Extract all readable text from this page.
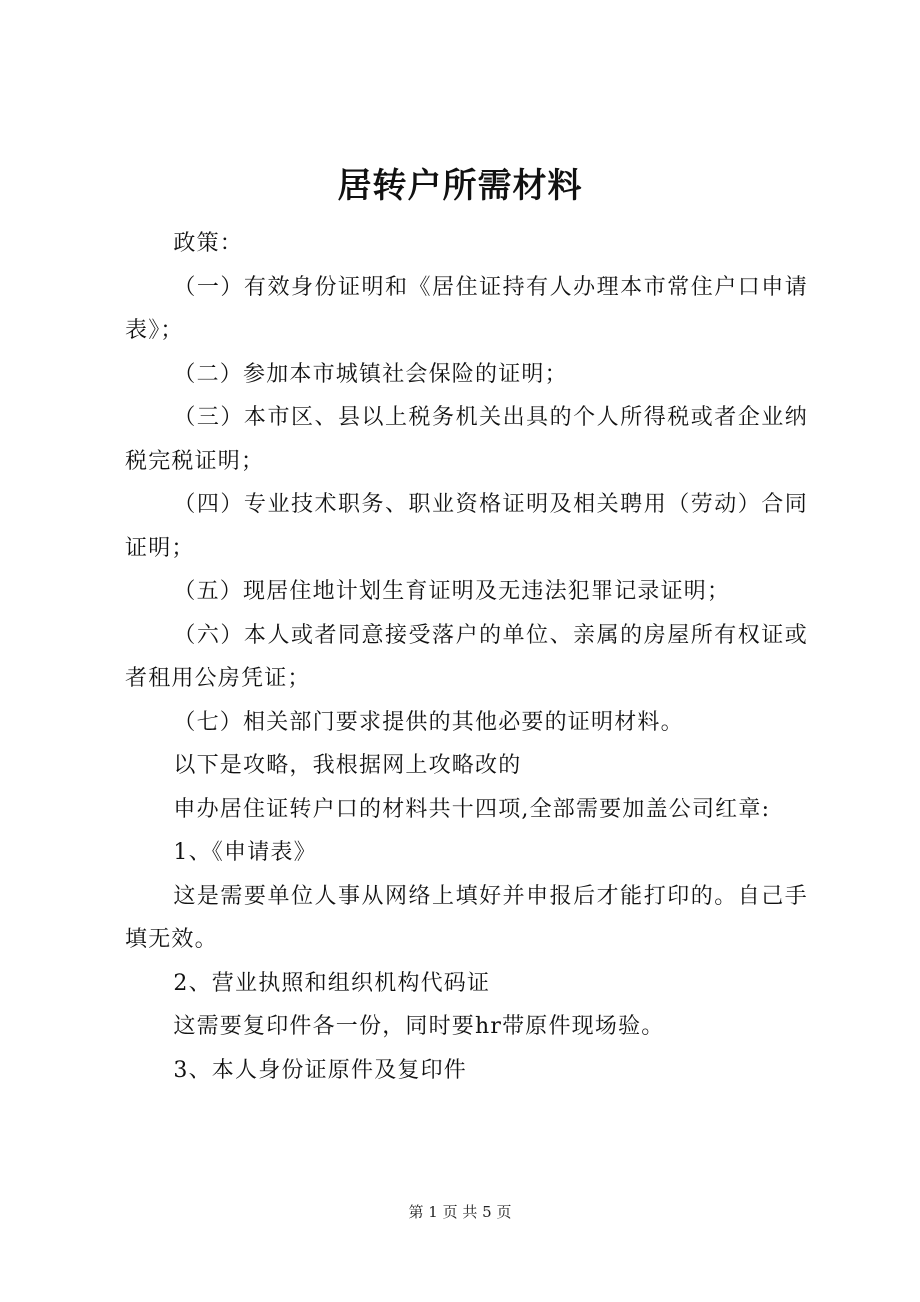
居转户所需材料

政策：

（一）有效身份证明和《居住证持有人办理本市常住户口申请表》；

（二）参加本市城镇社会保险的证明；

（三）本市区、县以上税务机关出具的个人所得税或者企业纳税完税证明；

（四）专业技术职务、职业资格证明及相关聘用（劳动）合同证明；

（五）现居住地计划生育证明及无违法犯罪记录证明；

（六）本人或者同意接受落户的单位、亲属的房屋所有权证或者租用公房凭证；

（七）相关部门要求提供的其他必要的证明材料。

以下是攻略，我根据网上攻略改的

申办居住证转户口的材料共十四项,全部需要加盖公司红章:

1、《申请表》

这是需要单位人事从网络上填好并申报后才能打印的。自己手填无效。

2、营业执照和组织机构代码证

这需要复印件各一份，同时要hr带原件现场验。

3、本人身份证原件及复印件

第 1 页 共 5 页
